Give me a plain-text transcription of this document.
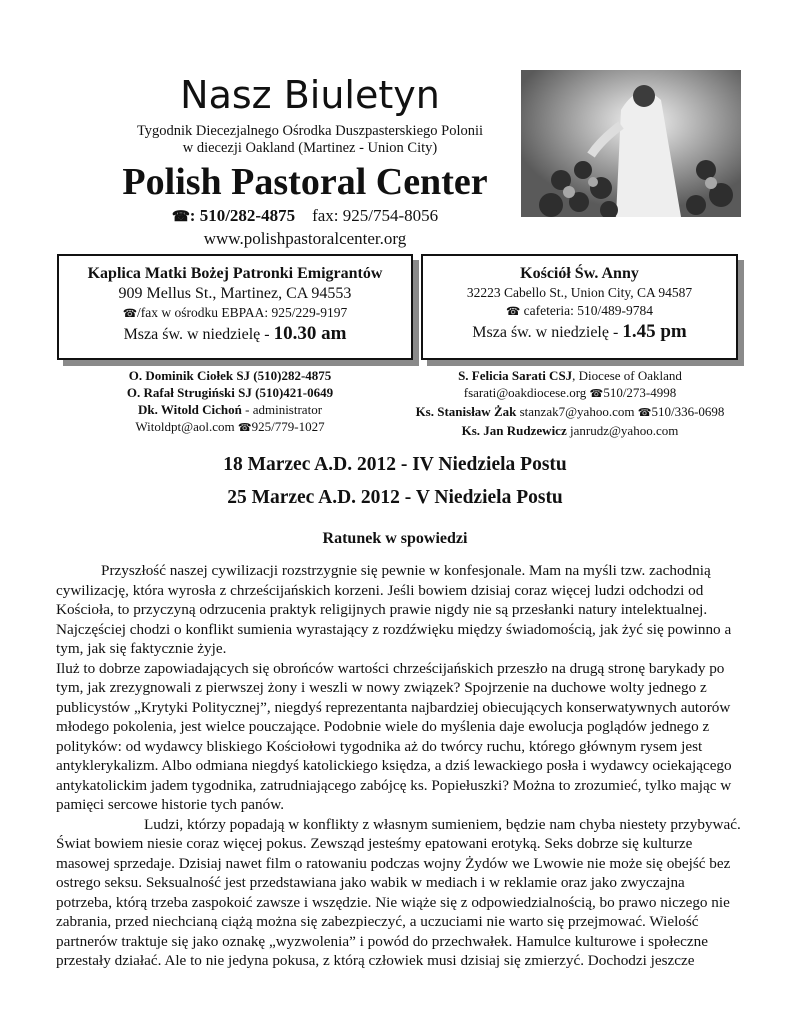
Nasz Biuletyn
Tygodnik Diecezjalnego Ośrodka Duszpasterskiego Polonii
w diecezji Oakland (Martinez - Union City)
Polish Pastoral Center
☎: 510/282-4875 fax: 925/754-8056
www.polishpastoralcenter.org
Kaplica Matki Bożej Patronki Emigrantów
909 Mellus St., Martinez, CA 94553
☎/fax w ośrodku EBPAA: 925/229-9197
Msza św. w niedzielę - 10.30 am
Kościół Św. Anny
32223 Cabello St., Union City, CA 94587
☎ cafeteria: 510/489-9784
Msza św. w niedzielę - 1.45 pm
O. Dominik Ciołek SJ (510)282-4875
O. Rafał Strugiński SJ (510)421-0649
Dk. Witold Cichoń - administrator
Witoldpt@aol.com ☎925/779-1027
S. Felicia Sarati CSJ, Diocese of Oakland
fsarati@oakdiocese.org ☎510/273-4998
Ks. Stanisław Żak stanzak7@yahoo.com ☎510/336-0698
Ks. Jan Rudzewicz janrudz@yahoo.com
18 Marzec A.D. 2012 - IV Niedziela Postu
25 Marzec A.D. 2012 - V Niedziela Postu
Ratunek w spowiedzi

Przyszłość naszej cywilizacji rozstrzygnie się pewnie w konfesjonale. Mam na myśli tzw. zachodnią cywilizację, która wyrosła z chrześcijańskich korzeni. Jeśli bowiem dzisiaj coraz więcej ludzi odchodzi od Kościoła, to przyczyną odrzucenia praktyk religijnych prawie nigdy nie są przesłanki natury intelektualnej. Najczęściej chodzi o konflikt sumienia wyrastający z rozdźwięku między świadomością, jak żyć się powinno a tym, jak się faktycznie żyje.

Iluż to dobrze zapowiadających się obrońców wartości chrześcijańskich przeszło na drugą stronę barykady po tym, jak zrezygnowali z pierwszej żony i weszli w nowy związek? Spojrzenie na duchowe wolty jednego z publicystów „Krytyki Politycznej”, niegdyś reprezentanta najbardziej obiecujących konserwatywnych autorów młodego pokolenia, jest wielce pouczające. Podobnie wiele do myślenia daje ewolucja poglądów jednego z polityków: od wydawcy bliskiego Kościołowi tygodnika aż do twórcy ruchu, którego głównym rysem jest antyklerykalizm. Albo odmiana niegdyś katolickiego księdza, a dziś lewackiego posła i wydawcy ociekającego antykatolickim jadem tygodnika, zatrudniającego zabójcę ks. Popiełuszki? Można to zrozumieć, tylko mając w pamięci sercowe historie tych panów.

Ludzi, którzy popadają w konflikty z własnym sumieniem, będzie nam chyba niestety przybywać. Świat bowiem niesie coraz więcej pokus. Zewsząd jesteśmy epatowani erotyką. Seks dobrze się kulturze masowej sprzedaje. Dzisiaj nawet film o ratowaniu podczas wojny Żydów we Lwowie nie może się obejść bez ostrego seksu. Seksualność jest przedstawiana jako wabik w mediach i w reklamie oraz jako zwyczajna potrzeba, którą trzeba zaspokoić zawsze i wszędzie. Nie wiąże się z odpowiedzialnością, bo prawo niczego nie zabrania, przed niechcianą ciążą można się zabezpieczyć, a uczuciami nie warto się przejmować. Wielość partnerów traktuje się jako oznakę „wyzwolenia” i powód do przechwałek. Hamulce kulturowe i społeczne przestały działać. Ale to nie jedyna pokusa, z którą człowiek musi dzisiaj się zmierzyć. Dochodzi jeszcze
